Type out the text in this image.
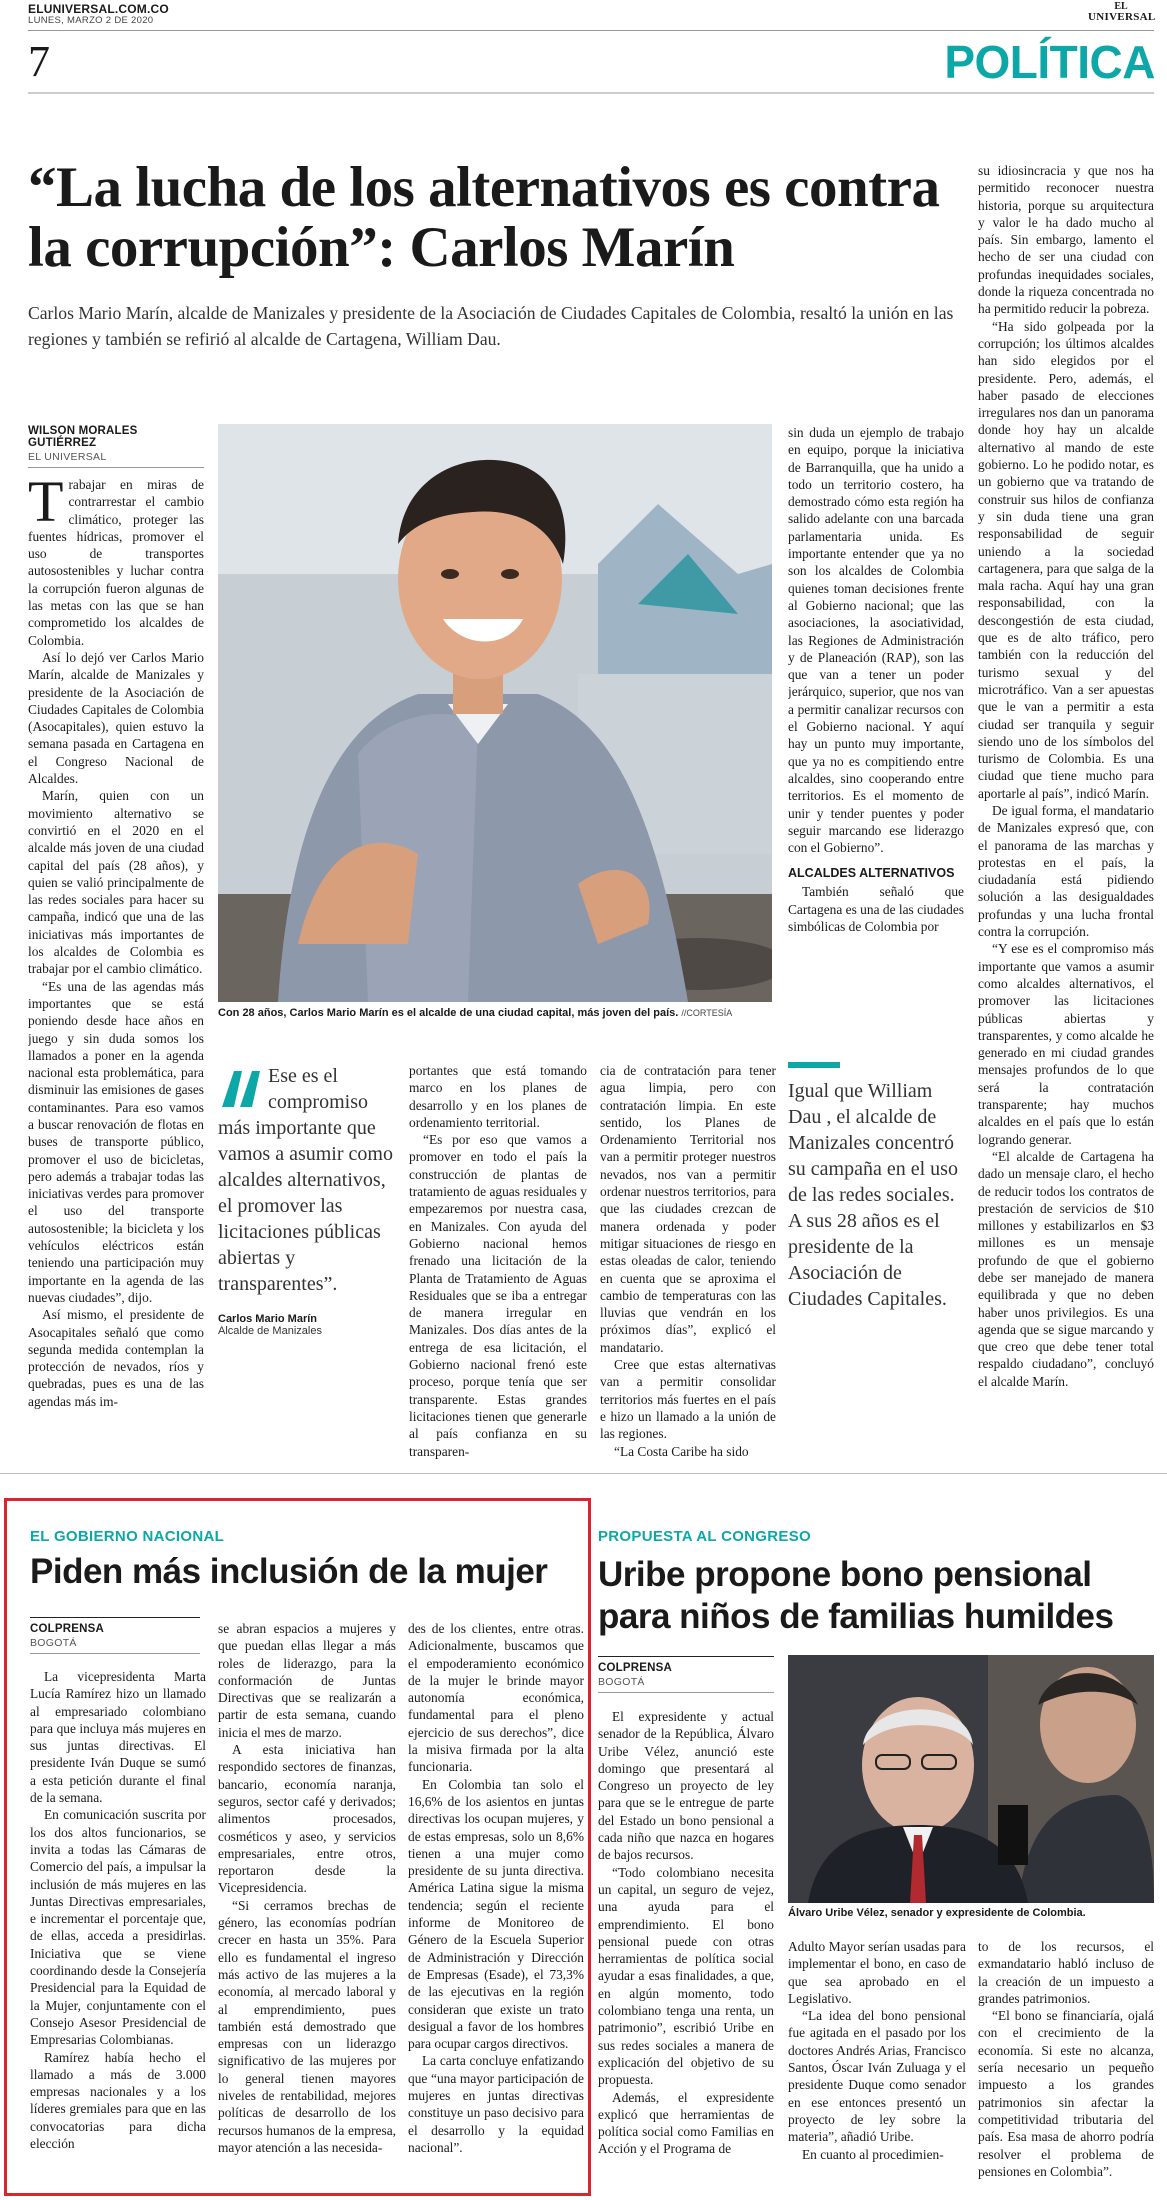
ELUNIVERSAL.COM.CO
LUNES, MARZO 2 DE 2020
EL
UNIVERSAL
7	POLÍTICA
“La lucha de los alternativos es contra la corrupción”: Carlos Marín
Carlos Mario Marín, alcalde de Manizales y presidente de la Asociación de Ciudades Capitales de Colombia, resaltó la unión en las regiones y también se refirió al alcalde de Cartagena, William Dau.
WILSON MORALES GUTIÉRREZ
EL UNIVERSAL

Trabajar en miras de contrarrestar el cambio climático, proteger las fuentes hídricas, promover el uso de transportes autosostenibles y luchar contra la corrupción fueron algunas de las metas con las que se han comprometido los alcaldes de Colombia.

Así lo dejó ver Carlos Mario Marín, alcalde de Manizales y presidente de la Asociación de Ciudades Capitales de Colombia (Asocapitales), quien estuvo la semana pasada en Cartagena en el Congreso Nacional de Alcaldes.

Marín, quien con un movimiento alternativo se convirtió en el 2020 en el alcalde más joven de una ciudad capital del país (28 años), y quien se valió principalmente de las redes sociales para hacer su campaña, indicó que una de las iniciativas más importantes de los alcaldes de Colombia es trabajar por el cambio climático.

“Es una de las agendas más importantes que se está poniendo desde hace años en juego y sin duda somos los llamados a poner en la agenda nacional esta problemática, para disminuir las emisiones de gases contaminantes. Para eso vamos a buscar renovación de flotas en buses de transporte público, promover el uso de bicicletas, pero además a trabajar todas las iniciativas verdes para promover el uso del transporte autosostenible; la bicicleta y los vehículos eléctricos están teniendo una participación muy importante en la agenda de las nuevas ciudades”, dijo.

Así mismo, el presidente de Asocapitales señaló que como segunda medida contemplan la protección de nevados, ríos y quebradas, pues es una de las agendas más im-

Con 28 años, Carlos Mario Marín es el alcalde de una ciudad capital, más joven del país. //CORTESÍA
Ese es el compromiso más importante que vamos a asumir como alcaldes alternativos, el promover las licitaciones públicas abiertas y transparentes”.
Carlos Mario Marín
Alcalde de Manizales

portantes que está tomando marco en los planes de desarrollo y en los planes de ordenamiento territorial.

“Es por eso que vamos a promover en todo el país la construcción de plantas de tratamiento de aguas residuales y empezaremos por nuestra casa, en Manizales. Con ayuda del Gobierno nacional hemos frenado una licitación de la Planta de Tratamiento de Aguas Residuales que se iba a entregar de manera irregular en Manizales. Dos días antes de la entrega de esa licitación, el Gobierno nacional frenó este proceso, porque tenía que ser transparente. Estas grandes licitaciones tienen que generarle al país confianza en su transparen-

cia de contratación para tener agua limpia, pero con contratación limpia. En este sentido, los Planes de Ordenamiento Territorial nos van a permitir proteger nuestros nevados, nos van a permitir ordenar nuestros territorios, para que las ciudades crezcan de manera ordenada y poder mitigar situaciones de riesgo en estas oleadas de calor, teniendo en cuenta que se aproxima el cambio de temperaturas con las lluvias que vendrán en los próximos días”, explicó el mandatario.

Cree que estas alternativas van a permitir consolidar territorios más fuertes en el país e hizo un llamado a la unión de las regiones.

“La Costa Caribe ha sido

sin duda un ejemplo de trabajo en equipo, porque la iniciativa de Barranquilla, que ha unido a todo un territorio costero, ha demostrado cómo esta región ha salido adelante con una barcada parlamentaria unida. Es importante entender que ya no son los alcaldes de Colombia quienes toman decisiones frente al Gobierno nacional; que las asociaciones, la asociatividad, las Regiones de Administración y de Planeación (RAP), son las que van a tener un poder jerárquico, superior, que nos van a permitir canalizar recursos con el Gobierno nacional. Y aquí hay un punto muy importante, que ya no es compitiendo entre alcaldes, sino cooperando entre territorios. Es el momento de unir y tender puentes y poder seguir marcando ese liderazgo con el Gobierno”.

ALCALDES ALTERNATIVOS

También señaló que Cartagena es una de las ciudades simbólicas de Colombia por

Igual que William Dau , el alcalde de Manizales concentró su campaña en el uso de las redes sociales. A sus 28 años es el presidente de la Asociación de Ciudades Capitales.

su idiosincracia y que nos ha permitido reconocer nuestra historia, porque su arquitectura y valor le ha dado mucho al país. Sin embargo, lamento el hecho de ser una ciudad con profundas inequidades sociales, donde la riqueza concentrada no ha permitido reducir la pobreza.

“Ha sido golpeada por la corrupción; los últimos alcaldes han sido elegidos por el presidente. Pero, además, el haber pasado de elecciones irregulares nos dan un panorama donde hoy hay un alcalde alternativo al mando de este gobierno. Lo he podido notar, es un gobierno que va tratando de construir sus hilos de confianza y sin duda tiene una gran responsabilidad de seguir uniendo a la sociedad cartagenera, para que salga de la mala racha. Aquí hay una gran responsabilidad, con la descongestión de esta ciudad, que es de alto tráfico, pero también con la reducción del turismo sexual y del microtráfico. Van a ser apuestas que le van a permitir a esta ciudad ser tranquila y seguir siendo uno de los símbolos del turismo de Colombia. Es una ciudad que tiene mucho para aportarle al país”, indicó Marín.

De igual forma, el mandatario de Manizales expresó que, con el panorama de las marchas y protestas en el país, la ciudadanía está pidiendo solución a las desigualdades profundas y una lucha frontal contra la corrupción.

“Y ese es el compromiso más importante que vamos a asumir como alcaldes alternativos, el promover las licitaciones públicas abiertas y transparentes, y como alcalde he generado en mi ciudad grandes mensajes profundos de lo que será la contratación transparente; hay muchos alcaldes en el país que lo están logrando generar.

“El alcalde de Cartagena ha dado un mensaje claro, el hecho de reducir todos los contratos de prestación de servicios de $10 millones y estabilizarlos en $3 millones es un mensaje profundo de que el gobierno debe ser manejado de manera equilibrada y que no deben haber unos privilegios. Es una agenda que se sigue marcando y que creo que debe tener total respaldo ciudadano”, concluyó el alcalde Marín.

EL GOBIERNO NACIONAL
Piden más inclusión de la mujer
COLPRENSA
BOGOTÁ

La vicepresidenta Marta Lucía Ramírez hizo un llamado al empresariado colombiano para que incluya más mujeres en sus juntas directivas. El presidente Iván Duque se sumó a esta petición durante el final de la semana.

En comunicación suscrita por los dos altos funcionarios, se invita a todas las Cámaras de Comercio del país, a impulsar la inclusión de más mujeres en las Juntas Directivas empresariales, e incrementar el porcentaje que, de ellas, acceda a presidirlas. Iniciativa que se viene coordinando desde la Consejería Presidencial para la Equidad de la Mujer, conjuntamente con el Consejo Asesor Presidencial de Empresarias Colombianas.

Ramírez había hecho el llamado a más de 3.000 empresas nacionales y a los líderes gremiales para que en las convocatorias para dicha elección

se abran espacios a mujeres y que puedan ellas llegar a más roles de liderazgo, para la conformación de Juntas Directivas que se realizarán a partir de esta semana, cuando inicia el mes de marzo.

A esta iniciativa han respondido sectores de finanzas, bancario, economía naranja, seguros, sector café y derivados; alimentos procesados, cosméticos y aseo, y servicios empresariales, entre otros, reportaron desde la Vicepresidencia.

“Si cerramos brechas de género, las economías podrían crecer en hasta un 35%. Para ello es fundamental el ingreso más activo de las mujeres a la economía, al mercado laboral y al emprendimiento, pues también está demostrado que empresas con un liderazgo significativo de las mujeres por lo general tienen mayores niveles de rentabilidad, mejores políticas de desarrollo de los recursos humanos de la empresa, mayor atención a las necesida-

des de los clientes, entre otras. Adicionalmente, buscamos que el empoderamiento económico de la mujer le brinde mayor autonomía económica, fundamental para el pleno ejercicio de sus derechos”, dice la misiva firmada por la alta funcionaria.

En Colombia tan solo el 16,6% de los asientos en juntas directivas los ocupan mujeres, y de estas empresas, solo un 8,6% tienen a una mujer como presidente de su junta directiva. América Latina sigue la misma tendencia; según el reciente informe de Monitoreo de Género de la Escuela Superior de Administración y Dirección de Empresas (Esade), el 73,3% de las ejecutivas en la región consideran que existe un trato desigual a favor de los hombres para ocupar cargos directivos.

La carta concluye enfatizando que “una mayor participación de mujeres en juntas directivas constituye un paso decisivo para el desarrollo y la equidad nacional”.

PROPUESTA AL CONGRESO
Uribe propone bono pensional para niños de familias humildes
COLPRENSA
BOGOTÁ

El expresidente y actual senador de la República, Álvaro Uribe Vélez, anunció este domingo que presentará al Congreso un proyecto de ley para que se le entregue de parte del Estado un bono pensional a cada niño que nazca en hogares de bajos recursos.

“Todo colombiano necesita un capital, un seguro de vejez, una ayuda para el emprendimiento. El bono pensional puede con otras herramientas de política social ayudar a esas finalidades, a que, en algún momento, todo colombiano tenga una renta, un patrimonio”, escribió Uribe en sus redes sociales a manera de explicación del objetivo de su propuesta.

Además, el expresidente explicó que herramientas de política social como Familias en Acción y el Programa de

Álvaro Uribe Vélez, senador y expresidente de Colombia.

Adulto Mayor serían usadas para implementar el bono, en caso de que sea aprobado en el Legislativo.

“La idea del bono pensional fue agitada en el pasado por los doctores Andrés Arias, Francisco Santos, Óscar Iván Zuluaga y el presidente Duque como senador en ese entonces presentó un proyecto de ley sobre la materia”, añadió Uribe.

En cuanto al procedimien-

to de los recursos, el exmandatario habló incluso de la creación de un impuesto a grandes patrimonios.

“El bono se financiaría, ojalá con el crecimiento de la economía. Si este no alcanza, sería necesario un pequeño impuesto a los grandes patrimonios sin afectar la competitividad tributaria del país. Esa masa de ahorro podría resolver el problema de pensiones en Colombia”.
